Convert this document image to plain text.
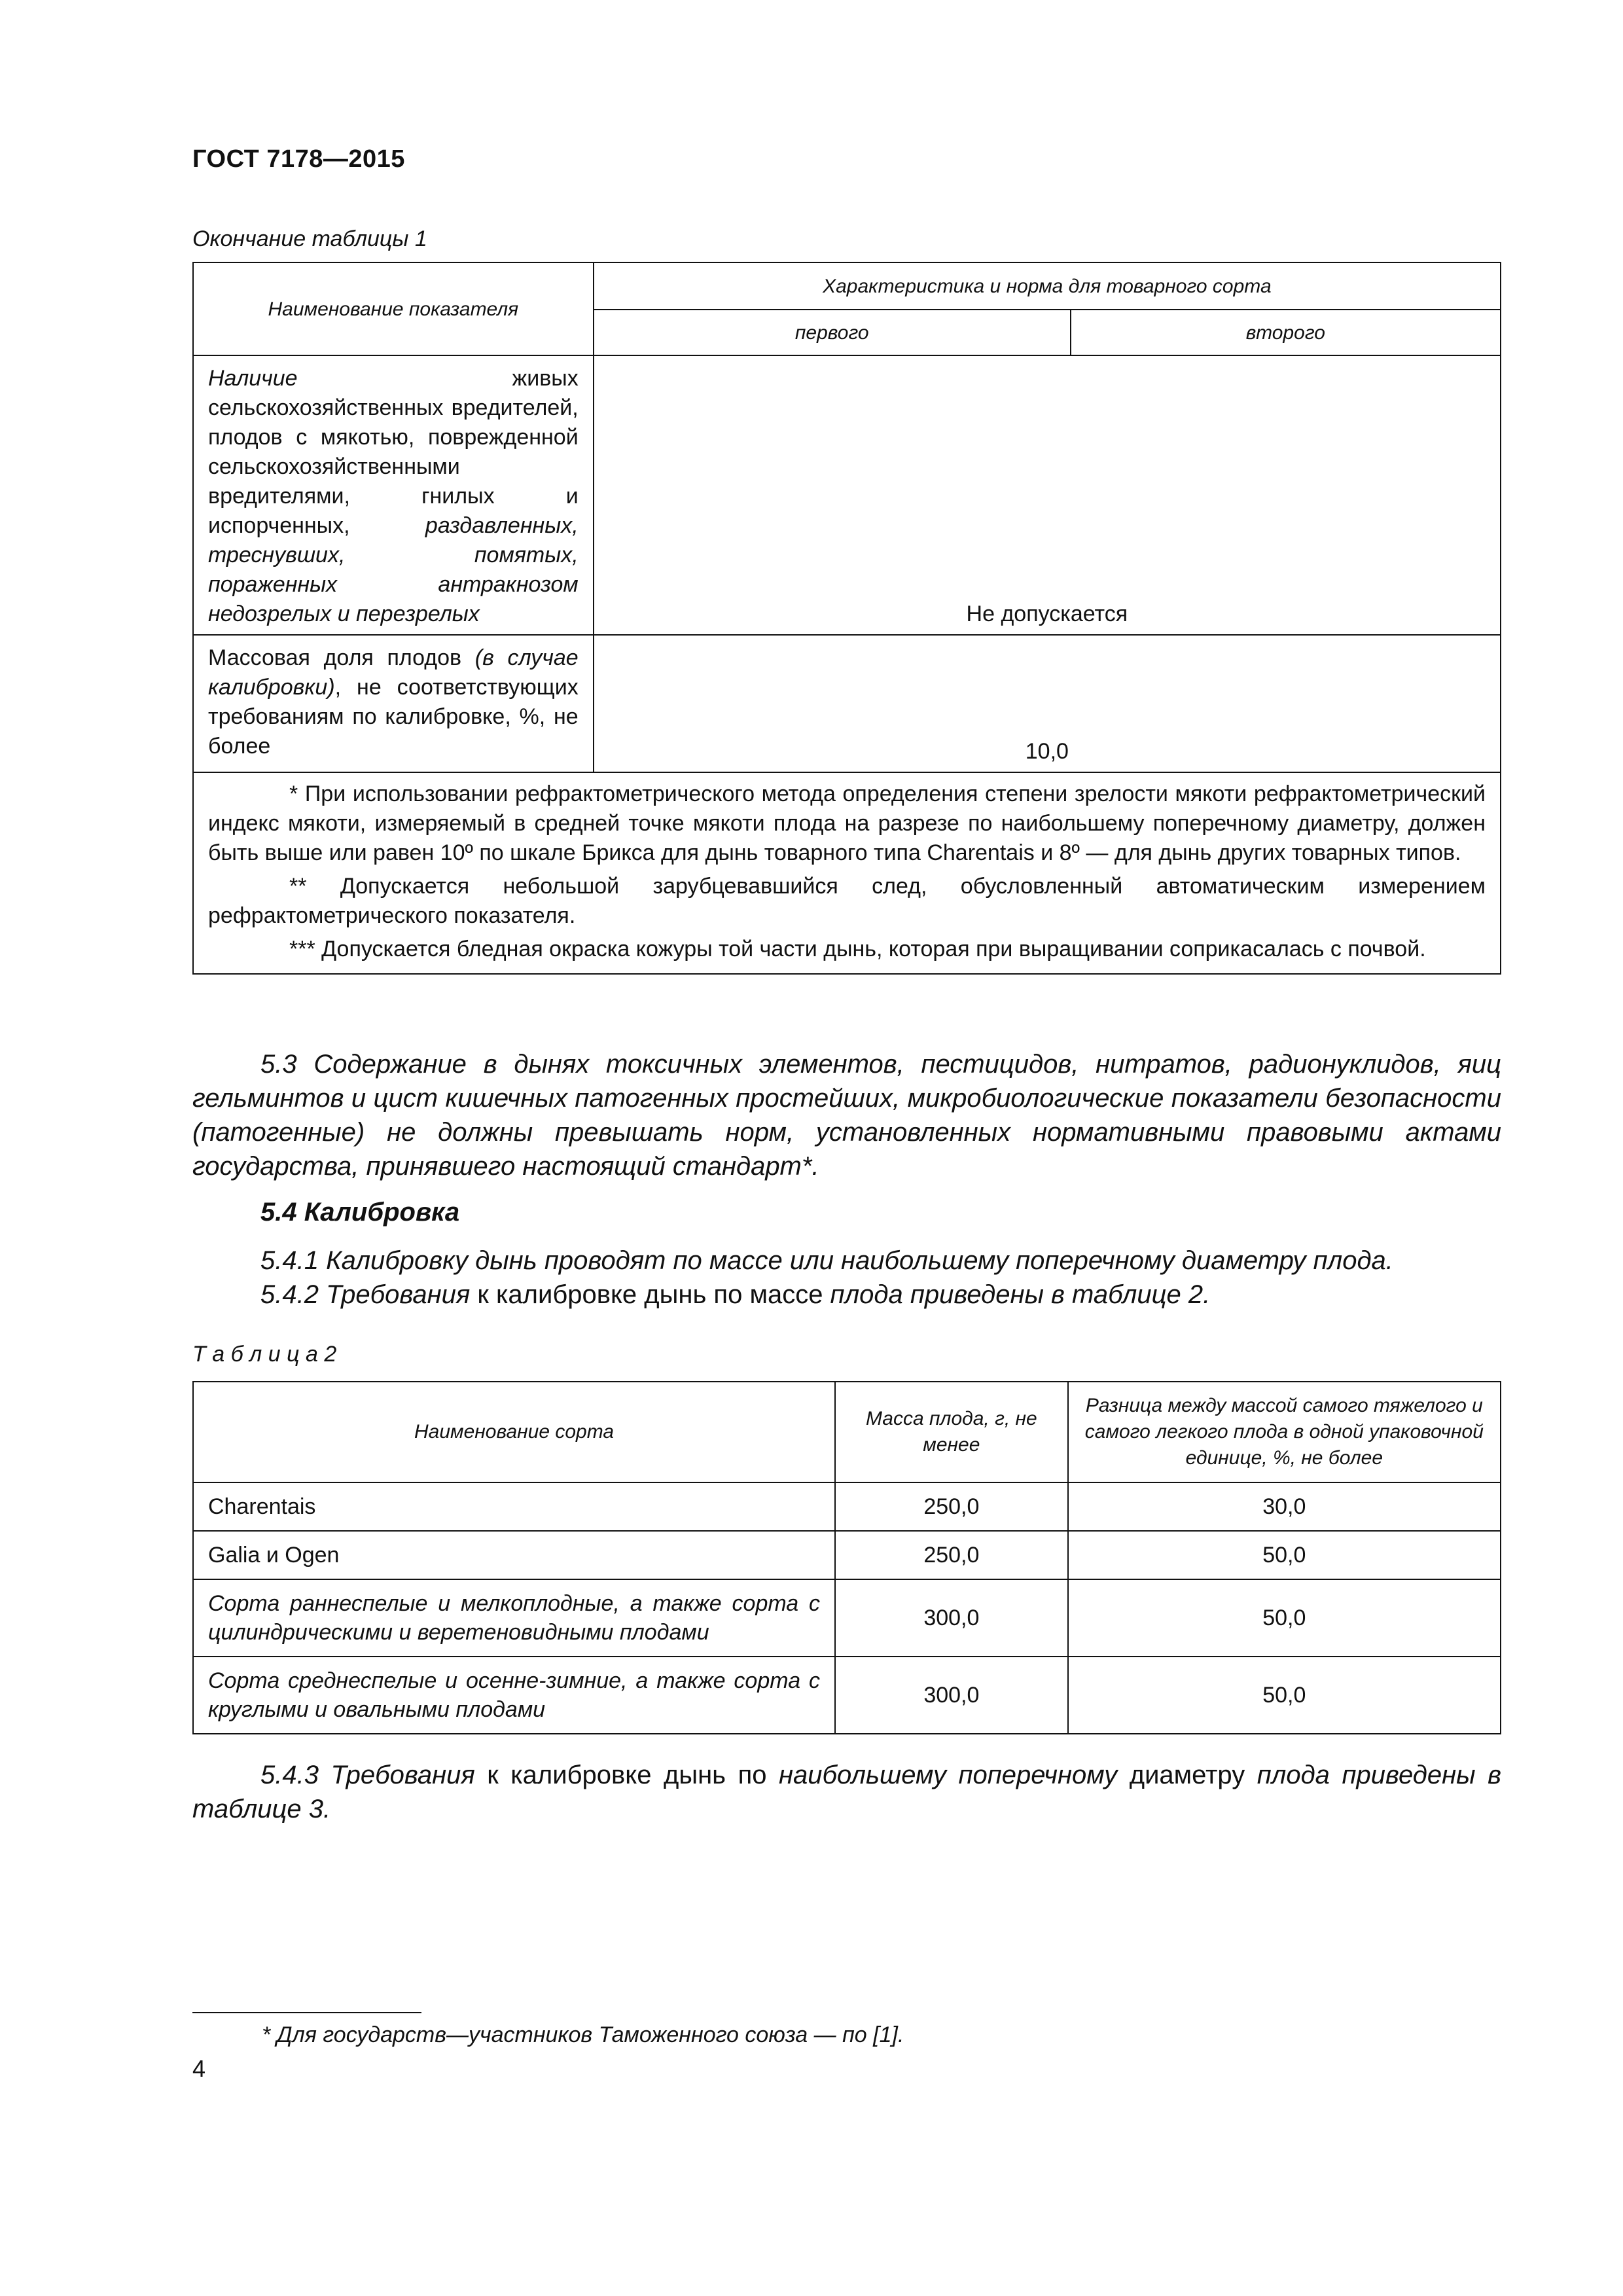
ГОСТ 7178—2015
Окончание таблицы 1
Наименование показателя	Характеристика и норма для товарного сорта	
	первого	второго
Наличие живых сельскохозяйственных вредителей, плодов с мякотью, поврежденной сельскохозяйственными вредителями, гнилых и испорченных, раздавленных, треснувших, помятых, пораженных антракнозом недозрелых и перезрелых	Не допускается	
Массовая доля плодов (в случае калибровки), не соответствующих требованиям по калибровке, %, не более	10,0	

* При использовании рефрактометрического метода определения степени зрелости мякоти рефрактометрический индекс мякоти, измеряемый в средней точке мякоти плода на разрезе по наибольшему поперечному диаметру, должен быть выше или равен 10º по шкале Брикса для дынь товарного типа Charentais и 8º — для дынь других товарных типов.

** Допускается небольшой зарубцевавшийся след, обусловленный автоматическим измерением рефрактометрического показателя.

*** Допускается бледная окраска кожуры той части дынь, которая при выращивании соприкасалась с почвой.		

5.3 Содержание в дынях токсичных элементов, пестицидов, нитратов, радионуклидов, яиц гельминтов и цист кишечных патогенных простейших, микробиологические показатели безопасности (патогенные) не должны превышать норм, установленных нормативными правовыми актами государства, принявшего настоящий стандарт*.
5.4 Калибровка
5.4.1 Калибровку дынь проводят по массе или наибольшему поперечному диаметру плода.
5.4.2 Требования к калибровке дынь по массе плода приведены в таблице 2.
Т а б л и ц а 2
Наименование сорта	Масса плода, г, не менее	Разница между массой самого тяжелого и самого легкого плода в одной упаковочной единице, %, не более
Charentais	250,0	30,0
Galia и Ogen	250,0	50,0
Сорта раннеспелые и мелкоплодные, а также сорта с цилиндрическими и веретеновидными плодами	300,0	50,0
Сорта среднеспелые и осенне-зимние, а также сорта с круглыми и овальными плодами	300,0	50,0
5.4.3 Требования к калибровке дынь по наибольшему поперечному диаметру плода приведены в таблице 3.
* Для государств—участников Таможенного союза — по [1].
4
